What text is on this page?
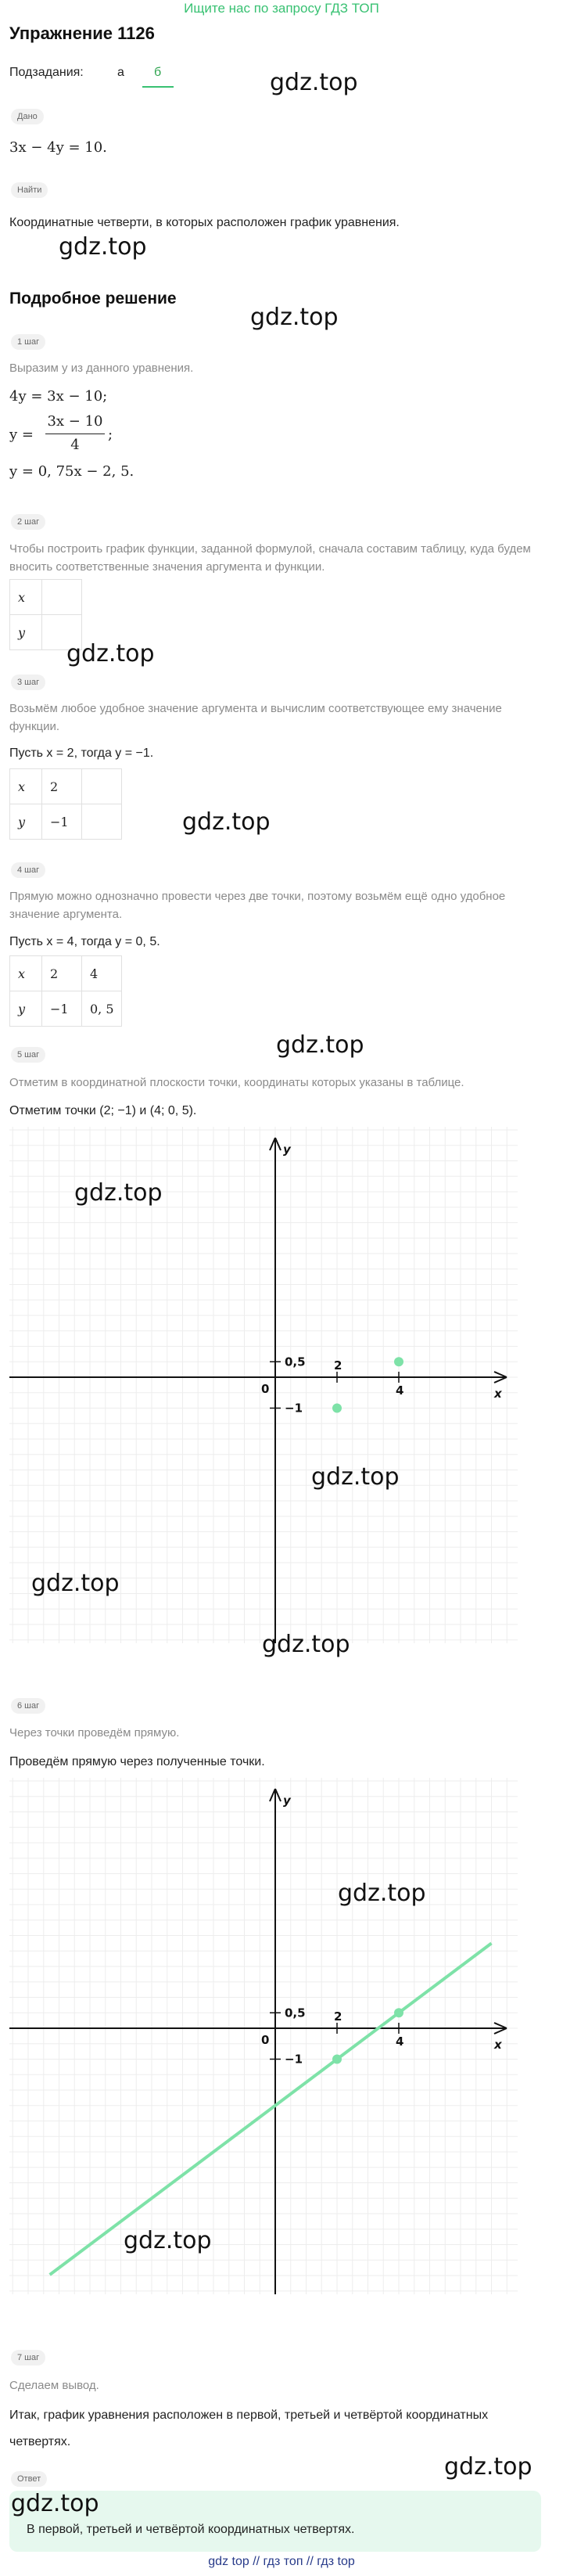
Ищите нас по запросу ГДЗ ТОП
Упражнение 1126
Подзадания:	а б	gdz.top
Дано
3x − 4y = 10.
Найти
Координатные четверти, в которых расположен график уравнения.
gdz.top
Подробное решение
gdz.top
1 шаг
Выразим y из данного уравнения.
4y = 3x − 10;
y =
3x − 10
4
;
y = 0, 75x − 2, 5.
2 шаг
Чтобы построить график функции, заданной формулой, сначала составим таблицу, куда будем вносить соответственные значения аргумента и функции.
x	
y	
gdz.top
3 шаг
Возьмём любое удобное значение аргумента и вычислим соответствующее ему значение функции.
Пусть x = 2, тогда y = −1.
x	2	
y	−1		gdz.top
4 шаг
Прямую можно однозначно провести через две точки, поэтому возьмём ещё одно удобное значение аргумента.
Пусть x = 4, тогда y = 0, 5.
x	2	4
y	−1	0, 5
gdz.top
5 шаг
Отметим в координатной плоскости точки, координаты которых указаны в таблице.
Отметим точки (2; −1) и (4; 0, 5).
x
y
0
2
4
0,5
−1
gdz.top
gdz.top
gdz.top
gdz.top
6 шаг
Через точки проведём прямую.
Проведём прямую через полученные точки.
x
y
0
2
4
0,5
−1
gdz.top
gdz.top
7 шаг
Сделаем вывод.
Итак, график уравнения расположен в первой, третьей и четвёртой координатных четвертях.
gdz.top
Ответ
gdz.top
В первой, третьей и четвёртой координатных четвертях.
gdz top // гдз топ // гдз top
